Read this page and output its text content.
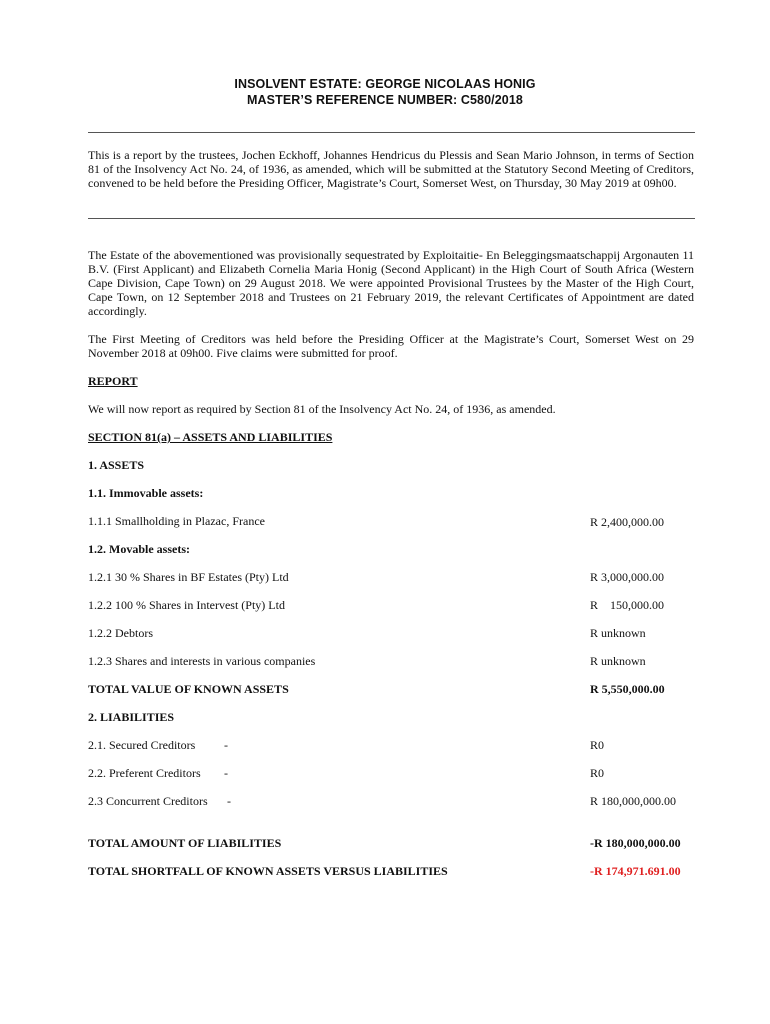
INSOLVENT ESTATE: GEORGE NICOLAAS HONIG
MASTER’S REFERENCE NUMBER: C580/2018
This is a report by the trustees, Jochen Eckhoff, Johannes Hendricus du Plessis and Sean Mario Johnson, in terms of Section 81 of the Insolvency Act No. 24, of 1936, as amended, which will be submitted at the Statutory Second Meeting of Creditors, convened to be held before the Presiding Officer, Magistrate’s Court, Somerset West, on Thursday, 30 May 2019 at 09h00.
The Estate of the abovementioned was provisionally sequestrated by Exploitaitie- En Beleggingsmaatschappij Argonauten 11 B.V. (First Applicant) and Elizabeth Cornelia Maria Honig (Second Applicant) in the High Court of South Africa (Western Cape Division, Cape Town) on 29 August 2018. We were appointed Provisional Trustees by the Master of the High Court, Cape Town, on 12 September 2018 and Trustees on 21 February 2019, the relevant Certificates of Appointment are dated accordingly.
The First Meeting of Creditors was held before the Presiding Officer at the Magistrate’s Court, Somerset West on 29 November 2018 at 09h00. Five claims were submitted for proof.
REPORT
We will now report as required by Section 81 of the Insolvency Act No. 24, of 1936, as amended.
SECTION 81(a) – ASSETS AND LIABILITIES
1. ASSETS
1.1. Immovable assets:
1.1.1 Smallholding in Plazac, France	R 2,400,000.00
1.2. Movable assets:
1.2.1 30 % Shares in BF Estates (Pty) Ltd	R 3,000,000.00
1.2.2 100 % Shares in Intervest (Pty) Ltd	R    150,000.00
1.2.2 Debtors	R unknown
1.2.3 Shares and interests in various companies	R unknown
TOTAL VALUE OF KNOWN ASSETS	R 5,550,000.00
2. LIABILITIES
2.1. Secured Creditors -	R0
2.2. Preferent Creditors -	R0
2.3 Concurrent Creditors -	R 180,000,000.00
TOTAL AMOUNT OF LIABILITIES	-R 180,000,000.00
TOTAL SHORTFALL OF KNOWN ASSETS VERSUS LIABILITIES	-R 174,971.691.00
